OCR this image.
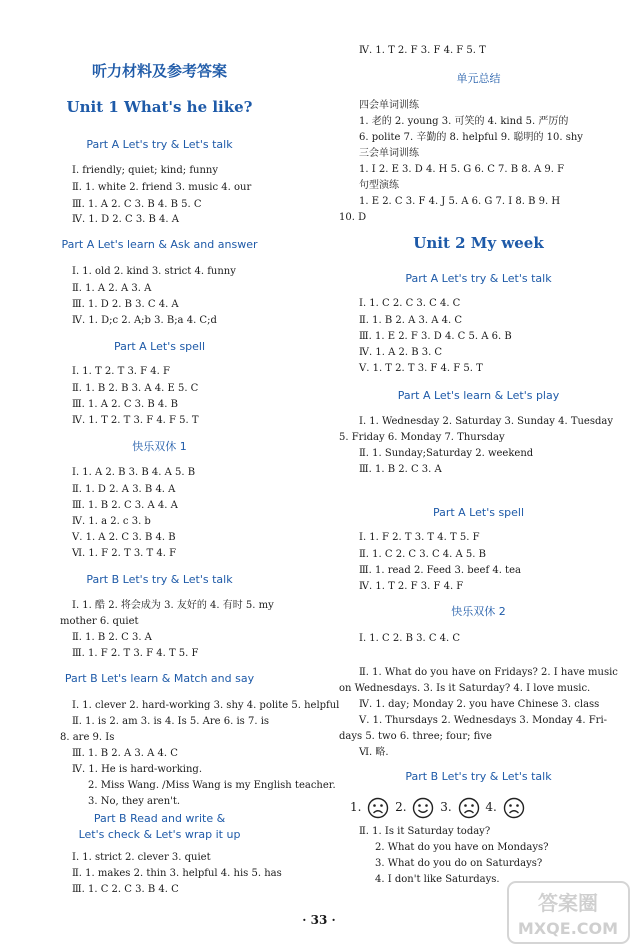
听力材料及参考答案
Unit 1 What's he like?
Part A Let's try & Let's talk
Ⅰ. friendly; quiet; kind; funny
Ⅱ. 1. white 2. friend 3. music 4. our
Ⅲ. 1. A 2. C 3. B 4. B 5. C
Ⅳ. 1. D 2. C 3. B 4. A
Part A Let's learn & Ask and answer
Ⅰ. 1. old 2. kind 3. strict 4. funny
Ⅱ. 1. A 2. A 3. A
Ⅲ. 1. D 2. B 3. C 4. A
Ⅳ. 1. D;c 2. A;b 3. B;a 4. C;d
Part A Let's spell
Ⅰ. 1. T 2. T 3. F 4. F
Ⅱ. 1. B 2. B 3. A 4. E 5. C
Ⅲ. 1. A 2. C 3. B 4. B
Ⅳ. 1. T 2. T 3. F 4. F 5. T
快乐双休 1
Ⅰ. 1. A 2. B 3. B 4. A 5. B
Ⅱ. 1. D 2. A 3. B 4. A
Ⅲ. 1. B 2. C 3. A 4. A
Ⅳ. 1. a 2. c 3. b
Ⅴ. 1. A 2. C 3. B 4. B
Ⅵ. 1. F 2. T 3. T 4. F
Part B Let's try & Let's talk
Ⅰ. 1. 酷 2. 将会成为 3. 友好的 4. 有时 5. my
mother 6. quiet
Ⅱ. 1. B 2. C 3. A
Ⅲ. 1. F 2. T 3. F 4. T 5. F
Part B Let's learn & Match and say
Ⅰ. 1. clever 2. hard-working 3. shy 4. polite 5. helpful
Ⅱ. 1. is 2. am 3. is 4. Is 5. Are 6. is 7. is
8. are 9. Is
Ⅲ. 1. B 2. A 3. A 4. C
Ⅳ. 1. He is hard-working.
2. Miss Wang. /Miss Wang is my English teacher.
3. No, they aren't.
Part B Read and write &
Let's check & Let's wrap it up
Ⅰ. 1. strict 2. clever 3. quiet
Ⅱ. 1. makes 2. thin 3. helpful 4. his 5. has
Ⅲ. 1. C 2. C 3. B 4. C
Ⅳ. 1. T 2. F 3. F 4. F 5. T
单元总结
四会单词训练
1. 老的 2. young 3. 可笑的 4. kind 5. 严厉的
6. polite 7. 辛勤的 8. helpful 9. 聪明的 10. shy
三会单词训练
1. I 2. E 3. D 4. H 5. G 6. C 7. B 8. A 9. F
句型演练
1. E 2. C 3. F 4. J 5. A 6. G 7. I 8. B 9. H
10. D
Unit 2 My week
Part A Let's try & Let's talk
Ⅰ. 1. C 2. C 3. C 4. C
Ⅱ. 1. B 2. A 3. A 4. C
Ⅲ. 1. E 2. F 3. D 4. C 5. A 6. B
Ⅳ. 1. A 2. B 3. C
Ⅴ. 1. T 2. T 3. F 4. F 5. T
Part A Let's learn & Let's play
Ⅰ. 1. Wednesday 2. Saturday 3. Sunday 4. Tuesday
5. Friday 6. Monday 7. Thursday
Ⅱ. 1. Sunday;Saturday 2. weekend
Ⅲ. 1. B 2. C 3. A
Part A Let's spell
Ⅰ. 1. F 2. T 3. T 4. T 5. F
Ⅱ. 1. C 2. C 3. C 4. A 5. B
Ⅲ. 1. read 2. Feed 3. beef 4. tea
Ⅳ. 1. T 2. F 3. F 4. F
快乐双休 2
Ⅰ. 1. C 2. B 3. C 4. C
Ⅱ. 1. What do you have on Fridays? 2. I have music
on Wednesdays. 3. Is it Saturday? 4. I love music.
Ⅳ. 1. day; Monday 2. you have Chinese 3. class
Ⅴ. 1. Thursdays 2. Wednesdays 3. Monday 4. Fri-
days 5. two 6. three; four; five
Ⅵ. 略.
Part B Let's try & Let's talk
Ⅱ. 1. Is it Saturday today?
2. What do you have on Mondays?
3. What do you do on Saturdays?
4. I don't like Saturdays.
1.	2.	3.	4.
· 33 ·
答案圈
MXQE.COM
